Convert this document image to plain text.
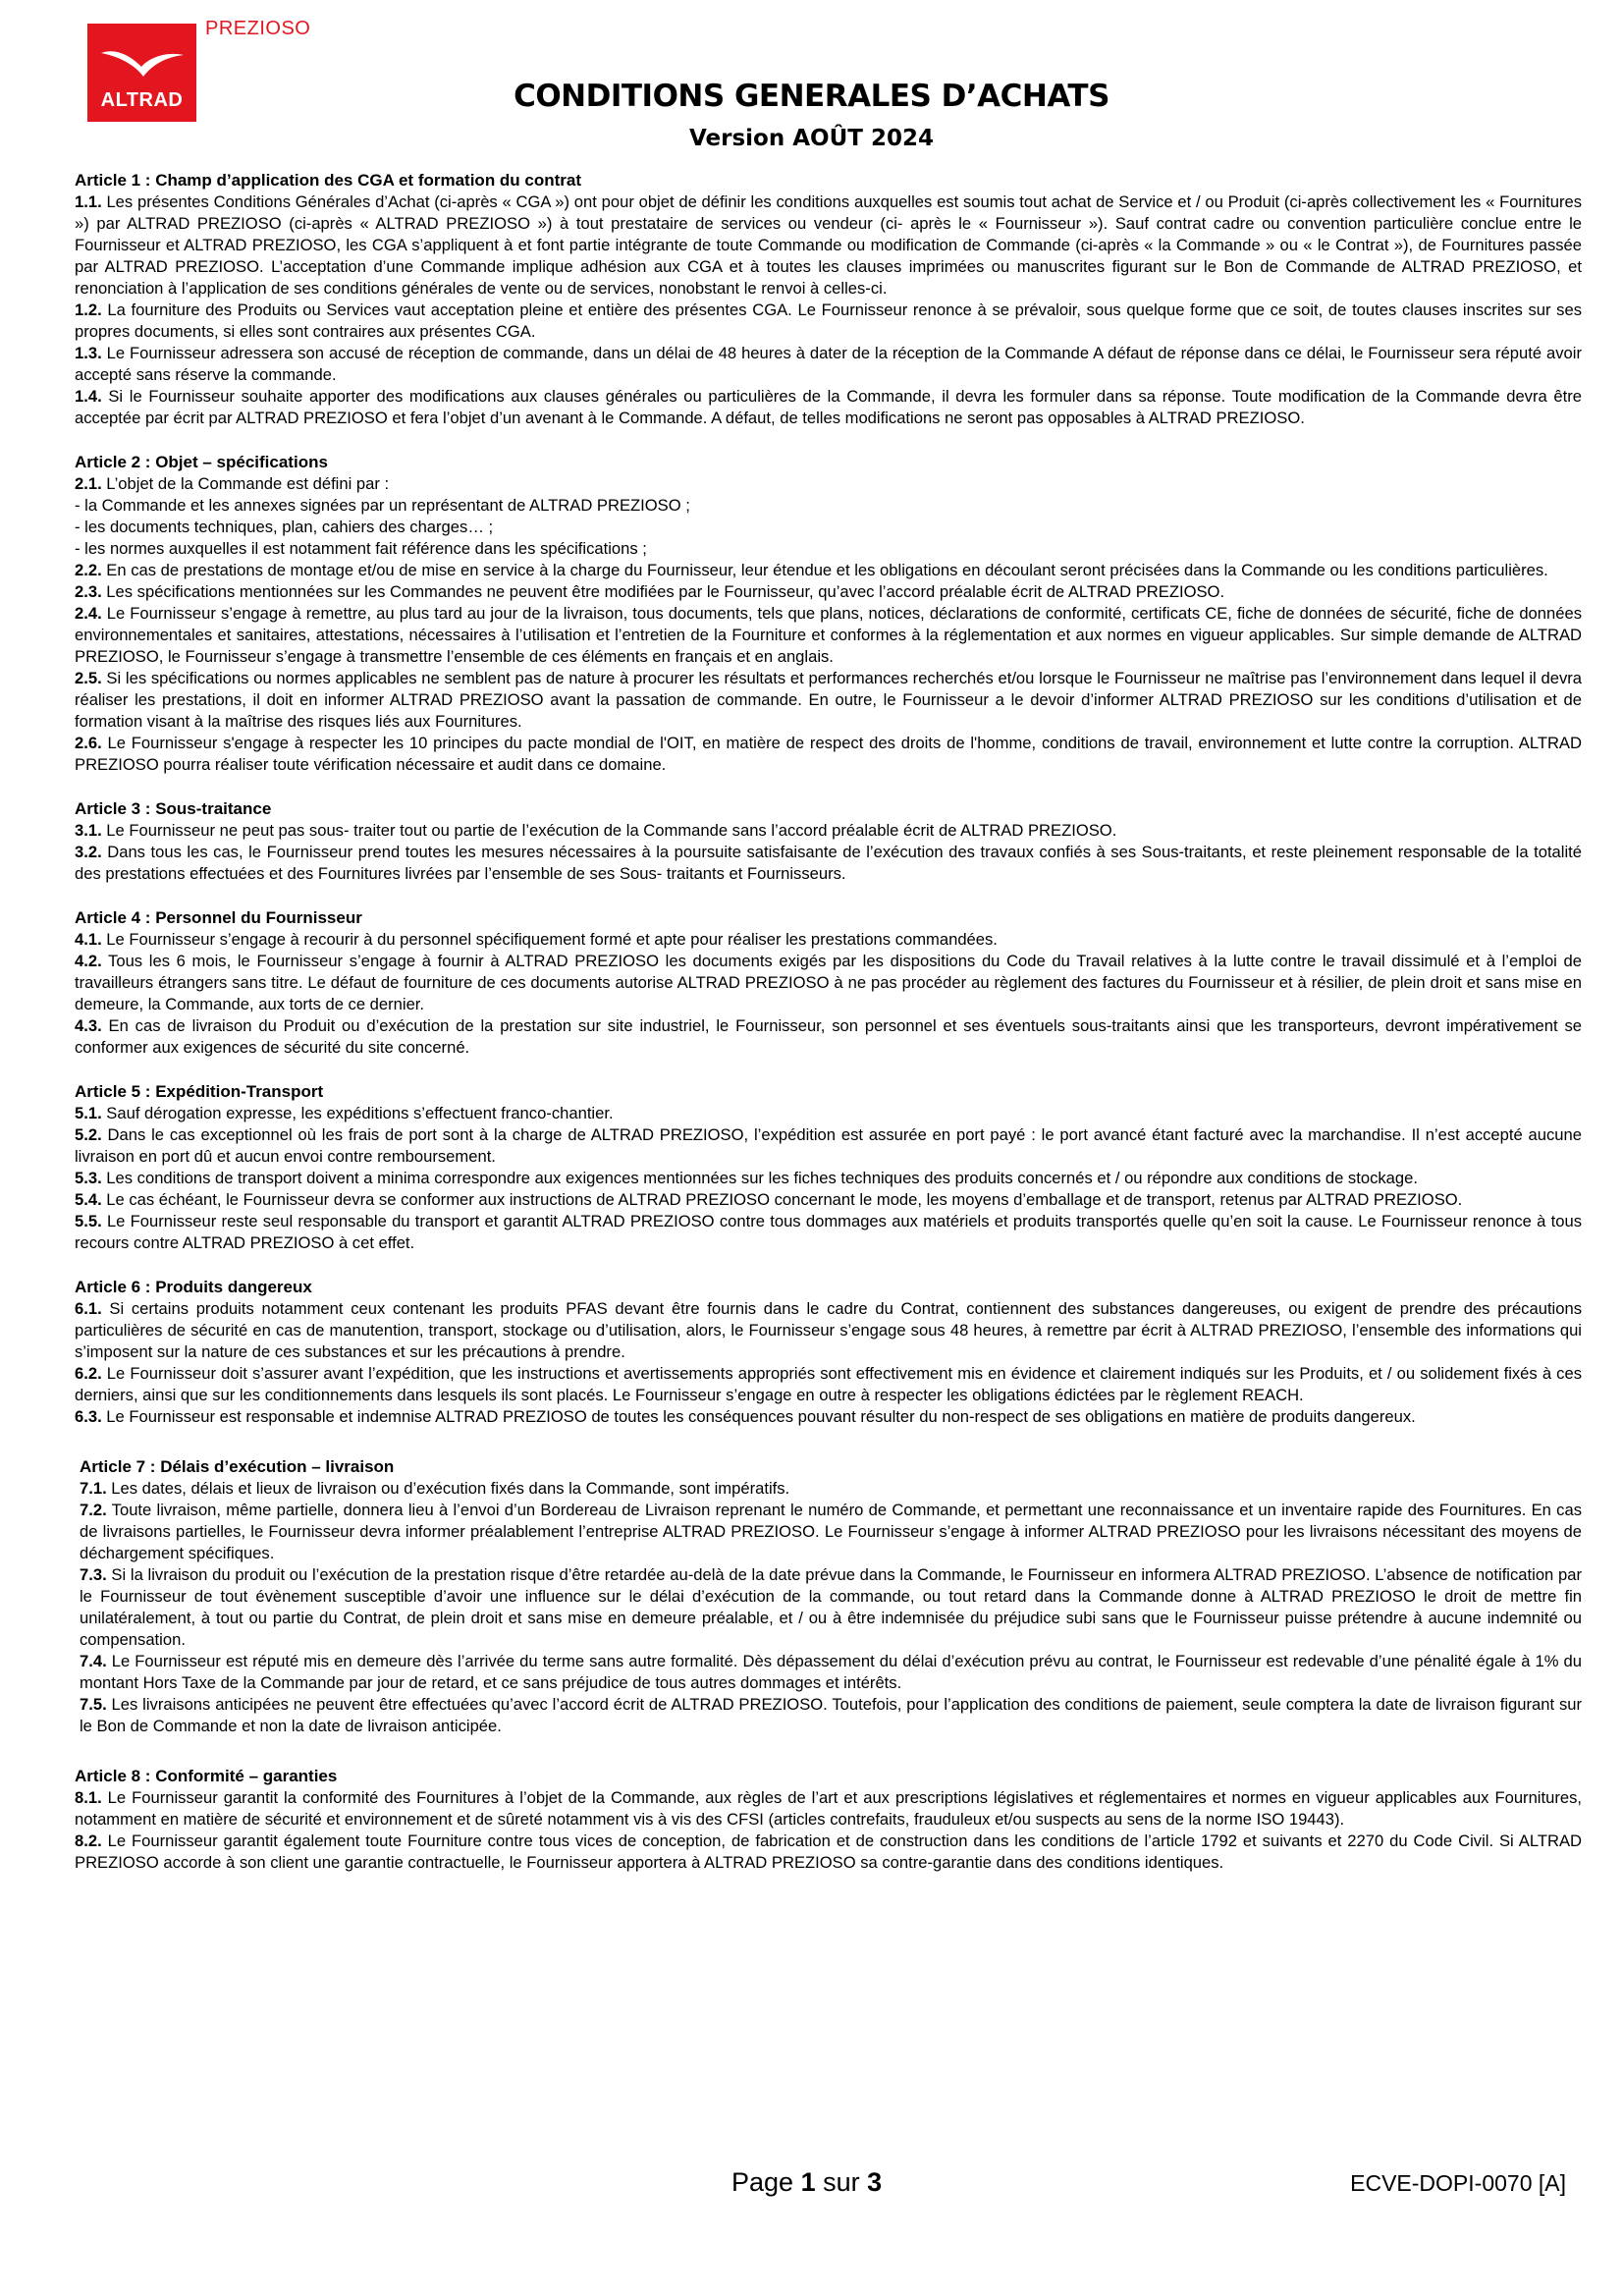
ALTRAD
PREZIOSO
CONDITIONS GENERALES D’ACHATS
Version AOÛT 2024

Article 1 : Champ d’application des CGA et formation du contrat

1.1. Les présentes Conditions Générales d’Achat (ci-après « CGA ») ont pour objet de définir les conditions auxquelles est soumis tout achat de Service et / ou Produit (ci-après collectivement les « Fournitures ») par ALTRAD PREZIOSO (ci-après « ALTRAD PREZIOSO ») à tout prestataire de services ou vendeur (ci- après le « Fournisseur »). Sauf contrat cadre ou convention particulière conclue entre le Fournisseur et ALTRAD PREZIOSO, les CGA s’appliquent à et font partie intégrante de toute Commande ou modification de Commande (ci-après « la Commande » ou « le Contrat »), de Fournitures passée par ALTRAD PREZIOSO. L’acceptation d’une Commande implique adhésion aux CGA et à toutes les clauses imprimées ou manuscrites figurant sur le Bon de Commande de ALTRAD PREZIOSO, et renonciation à l’application de ses conditions générales de vente ou de services, nonobstant le renvoi à celles-ci.

1.2. La fourniture des Produits ou Services vaut acceptation pleine et entière des présentes CGA. Le Fournisseur renonce à se prévaloir, sous quelque forme que ce soit, de toutes clauses inscrites sur ses propres documents, si elles sont contraires aux présentes CGA.

1.3. Le Fournisseur adressera son accusé de réception de commande, dans un délai de 48 heures à dater de la réception de la Commande A défaut de réponse dans ce délai, le Fournisseur sera réputé avoir accepté sans réserve la commande.

1.4. Si le Fournisseur souhaite apporter des modifications aux clauses générales ou particulières de la Commande, il devra les formuler dans sa réponse. Toute modification de la Commande devra être acceptée par écrit par ALTRAD PREZIOSO et fera l’objet d’un avenant à le Commande. A défaut, de telles modifications ne seront pas opposables à ALTRAD PREZIOSO.

Article 2 : Objet – spécifications

2.1. L’objet de la Commande est défini par :

- la Commande et les annexes signées par un représentant de ALTRAD PREZIOSO ;

- les documents techniques, plan, cahiers des charges… ;

- les normes auxquelles il est notamment fait référence dans les spécifications ;

2.2. En cas de prestations de montage et/ou de mise en service à la charge du Fournisseur, leur étendue et les obligations en découlant seront précisées dans la Commande ou les conditions particulières.

2.3. Les spécifications mentionnées sur les Commandes ne peuvent être modifiées par le Fournisseur, qu’avec l’accord préalable écrit de ALTRAD PREZIOSO.

2.4. Le Fournisseur s’engage à remettre, au plus tard au jour de la livraison, tous documents, tels que plans, notices, déclarations de conformité, certificats CE, fiche de données de sécurité, fiche de données environnementales et sanitaires, attestations, nécessaires à l’utilisation et l’entretien de la Fourniture et conformes à la réglementation et aux normes en vigueur applicables. Sur simple demande de ALTRAD PREZIOSO, le Fournisseur s’engage à transmettre l’ensemble de ces éléments en français et en anglais.

2.5. Si les spécifications ou normes applicables ne semblent pas de nature à procurer les résultats et performances recherchés et/ou lorsque le Fournisseur ne maîtrise pas l’environnement dans lequel il devra réaliser les prestations, il doit en informer ALTRAD PREZIOSO avant la passation de commande. En outre, le Fournisseur a le devoir d’informer ALTRAD PREZIOSO sur les conditions d’utilisation et de formation visant à la maîtrise des risques liés aux Fournitures.

2.6. Le Fournisseur s'engage à respecter les 10 principes du pacte mondial de l'OIT, en matière de respect des droits de l'homme, conditions de travail, environnement et lutte contre la corruption. ALTRAD PREZIOSO pourra réaliser toute vérification nécessaire et audit dans ce domaine.

Article 3 : Sous-traitance

3.1. Le Fournisseur ne peut pas sous- traiter tout ou partie de l’exécution de la Commande sans l’accord préalable écrit de ALTRAD PREZIOSO.

3.2. Dans tous les cas, le Fournisseur prend toutes les mesures nécessaires à la poursuite satisfaisante de l’exécution des travaux confiés à ses Sous-traitants, et reste pleinement responsable de la totalité des prestations effectuées et des Fournitures livrées par l’ensemble de ses Sous- traitants et Fournisseurs.

Article 4 : Personnel du Fournisseur

4.1. Le Fournisseur s’engage à recourir à du personnel spécifiquement formé et apte pour réaliser les prestations commandées.

4.2. Tous les 6 mois, le Fournisseur s’engage à fournir à ALTRAD PREZIOSO les documents exigés par les dispositions du Code du Travail relatives à la lutte contre le travail dissimulé et à l’emploi de travailleurs étrangers sans titre. Le défaut de fourniture de ces documents autorise ALTRAD PREZIOSO à ne pas procéder au règlement des factures du Fournisseur et à résilier, de plein droit et sans mise en demeure, la Commande, aux torts de ce dernier.

4.3. En cas de livraison du Produit ou d’exécution de la prestation sur site industriel, le Fournisseur, son personnel et ses éventuels sous-traitants ainsi que les transporteurs, devront impérativement se conformer aux exigences de sécurité du site concerné.

Article 5 : Expédition-Transport

5.1. Sauf dérogation expresse, les expéditions s’effectuent franco-chantier.

5.2. Dans le cas exceptionnel où les frais de port sont à la charge de ALTRAD PREZIOSO, l’expédition est assurée en port payé : le port avancé étant facturé avec la marchandise. Il n’est accepté aucune livraison en port dû et aucun envoi contre remboursement.

5.3. Les conditions de transport doivent a minima correspondre aux exigences mentionnées sur les fiches techniques des produits concernés et / ou répondre aux conditions de stockage.

5.4. Le cas échéant, le Fournisseur devra se conformer aux instructions de ALTRAD PREZIOSO concernant le mode, les moyens d’emballage et de transport, retenus par ALTRAD PREZIOSO.

5.5. Le Fournisseur reste seul responsable du transport et garantit ALTRAD PREZIOSO contre tous dommages aux matériels et produits transportés quelle qu’en soit la cause. Le Fournisseur renonce à tous recours contre ALTRAD PREZIOSO à cet effet.

Article 6 : Produits dangereux

6.1. Si certains produits notamment ceux contenant les produits PFAS devant être fournis dans le cadre du Contrat, contiennent des substances dangereuses, ou exigent de prendre des précautions particulières de sécurité en cas de manutention, transport, stockage ou d’utilisation, alors, le Fournisseur s’engage sous 48 heures, à remettre par écrit à ALTRAD PREZIOSO, l’ensemble des informations qui s’imposent sur la nature de ces substances et sur les précautions à prendre.

6.2. Le Fournisseur doit s’assurer avant l’expédition, que les instructions et avertissements appropriés sont effectivement mis en évidence et clairement indiqués sur les Produits, et / ou solidement fixés à ces derniers, ainsi que sur les conditionnements dans lesquels ils sont placés. Le Fournisseur s’engage en outre à respecter les obligations édictées par le règlement REACH.

6.3. Le Fournisseur est responsable et indemnise ALTRAD PREZIOSO de toutes les conséquences pouvant résulter du non-respect de ses obligations en matière de produits dangereux.

Article 7 : Délais d’exécution – livraison

7.1. Les dates, délais et lieux de livraison ou d’exécution fixés dans la Commande, sont impératifs.

7.2. Toute livraison, même partielle, donnera lieu à l’envoi d’un Bordereau de Livraison reprenant le numéro de Commande, et permettant une reconnaissance et un inventaire rapide des Fournitures. En cas de livraisons partielles, le Fournisseur devra informer préalablement l’entreprise ALTRAD PREZIOSO. Le Fournisseur s’engage à informer ALTRAD PREZIOSO pour les livraisons nécessitant des moyens de déchargement spécifiques.

7.3. Si la livraison du produit ou l’exécution de la prestation risque d’être retardée au-delà de la date prévue dans la Commande, le Fournisseur en informera ALTRAD PREZIOSO. L’absence de notification par le Fournisseur de tout évènement susceptible d’avoir une influence sur le délai d’exécution de la commande, ou tout retard dans la Commande donne à ALTRAD PREZIOSO le droit de mettre fin unilatéralement, à tout ou partie du Contrat, de plein droit et sans mise en demeure préalable, et / ou à être indemnisée du préjudice subi sans que le Fournisseur puisse prétendre à aucune indemnité ou compensation.

7.4. Le Fournisseur est réputé mis en demeure dès l’arrivée du terme sans autre formalité. Dès dépassement du délai d’exécution prévu au contrat, le Fournisseur est redevable d’une pénalité égale à 1% du montant Hors Taxe de la Commande par jour de retard, et ce sans préjudice de tous autres dommages et intérêts.

7.5. Les livraisons anticipées ne peuvent être effectuées qu’avec l’accord écrit de ALTRAD PREZIOSO. Toutefois, pour l’application des conditions de paiement, seule comptera la date de livraison figurant sur le Bon de Commande et non la date de livraison anticipée.

Article 8 : Conformité – garanties

8.1. Le Fournisseur garantit la conformité des Fournitures à l’objet de la Commande, aux règles de l’art et aux prescriptions législatives et réglementaires et normes en vigueur applicables aux Fournitures, notamment en matière de sécurité et environnement et de sûreté notamment vis à vis des CFSI (articles contrefaits, frauduleux et/ou suspects au sens de la norme ISO 19443).

8.2. Le Fournisseur garantit également toute Fourniture contre tous vices de conception, de fabrication et de construction dans les conditions de l’article 1792 et suivants et 2270 du Code Civil. Si ALTRAD PREZIOSO accorde à son client une garantie contractuelle, le Fournisseur apportera à ALTRAD PREZIOSO sa contre-garantie dans des conditions identiques.

Page 1 sur 3	ECVE-DOPI-0070 [A]
